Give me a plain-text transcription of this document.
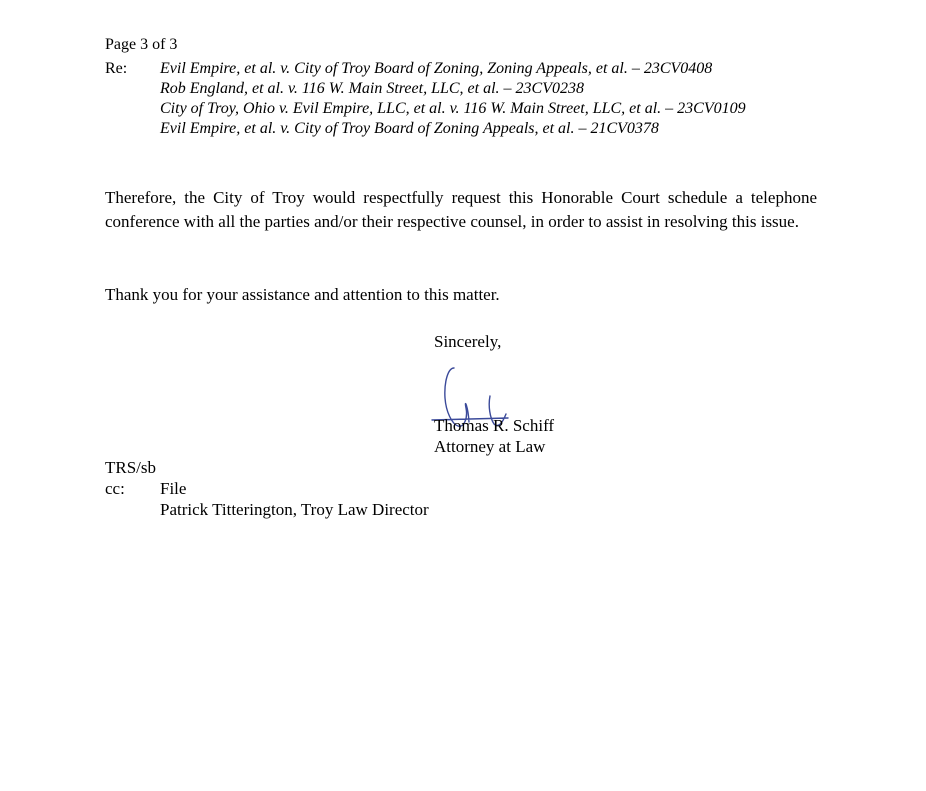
Page 3 of 3
Re: Evil Empire, et al. v. City of Troy Board of Zoning, Zoning Appeals, et al. – 23CV0408
Rob England, et al. v. 116 W. Main Street, LLC, et al. – 23CV0238
City of Troy, Ohio v. Evil Empire, LLC, et al. v. 116 W. Main Street, LLC, et al. – 23CV0109
Evil Empire, et al. v. City of Troy Board of Zoning Appeals, et al. – 21CV0378

Therefore, the City of Troy would respectfully request this Honorable Court schedule a telephone conference with all the parties and/or their respective counsel, in order to assist in resolving this issue.

Thank you for your assistance and attention to this matter.

Sincerely,
Thomas R. Schiff
Attorney at Law
TRS/sb
cc: File
Patrick Titterington, Troy Law Director
